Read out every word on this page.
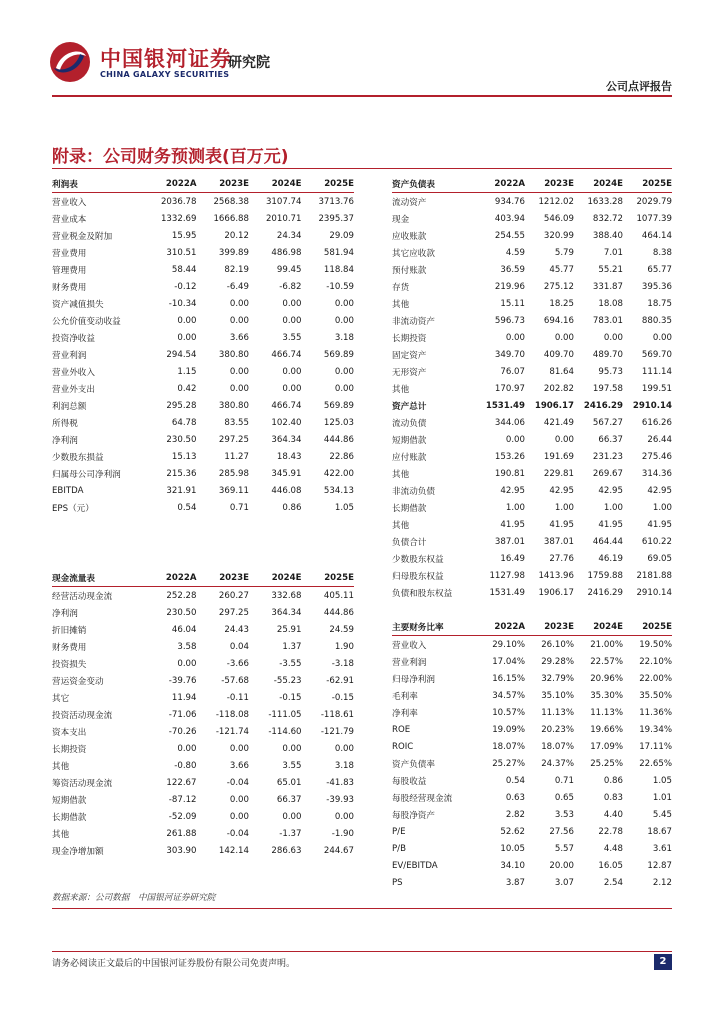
中国银河证券
CHINA GALAXY SECURITIES
研究院
公司点评报告
附录：公司财务预测表(百万元)
利润表	2022A	2023E	2024E	2025E
营业收入	2036.78	2568.38	3107.74	3713.76
营业成本	1332.69	1666.88	2010.71	2395.37
营业税金及附加	15.95	20.12	24.34	29.09
营业费用	310.51	399.89	486.98	581.94
管理费用	58.44	82.19	99.45	118.84
财务费用	-0.12	-6.49	-6.82	-10.59
资产减值损失	-10.34	0.00	0.00	0.00
公允价值变动收益	0.00	0.00	0.00	0.00
投资净收益	0.00	3.66	3.55	3.18
营业利润	294.54	380.80	466.74	569.89
营业外收入	1.15	0.00	0.00	0.00
营业外支出	0.42	0.00	0.00	0.00
利润总额	295.28	380.80	466.74	569.89
所得税	64.78	83.55	102.40	125.03
净利润	230.50	297.25	364.34	444.86
少数股东损益	15.13	11.27	18.43	22.86
归属母公司净利润	215.36	285.98	345.91	422.00
EBITDA	321.91	369.11	446.08	534.13
EPS（元）	0.54	0.71	0.86	1.05
现金流量表	2022A	2023E	2024E	2025E
经营活动现金流	252.28	260.27	332.68	405.11
净利润	230.50	297.25	364.34	444.86
折旧摊销	46.04	24.43	25.91	24.59
财务费用	3.58	0.04	1.37	1.90
投资损失	0.00	-3.66	-3.55	-3.18
营运资金变动	-39.76	-57.68	-55.23	-62.91
其它	11.94	-0.11	-0.15	-0.15
投资活动现金流	-71.06	-118.08	-111.05	-118.61
资本支出	-70.26	-121.74	-114.60	-121.79
长期投资	0.00	0.00	0.00	0.00
其他	-0.80	3.66	3.55	3.18
筹资活动现金流	122.67	-0.04	65.01	-41.83
短期借款	-87.12	0.00	66.37	-39.93
长期借款	-52.09	0.00	0.00	0.00
其他	261.88	-0.04	-1.37	-1.90
现金净增加额	303.90	142.14	286.63	244.67
资产负债表	2022A	2023E	2024E	2025E
流动资产	934.76	1212.02	1633.28	2029.79
现金	403.94	546.09	832.72	1077.39
应收账款	254.55	320.99	388.40	464.14
其它应收款	4.59	5.79	7.01	8.38
预付账款	36.59	45.77	55.21	65.77
存货	219.96	275.12	331.87	395.36
其他	15.11	18.25	18.08	18.75
非流动资产	596.73	694.16	783.01	880.35
长期投资	0.00	0.00	0.00	0.00
固定资产	349.70	409.70	489.70	569.70
无形资产	76.07	81.64	95.73	111.14
其他	170.97	202.82	197.58	199.51
资产总计	1531.49	1906.17	2416.29	2910.14
流动负债	344.06	421.49	567.27	616.26
短期借款	0.00	0.00	66.37	26.44
应付账款	153.26	191.69	231.23	275.46
其他	190.81	229.81	269.67	314.36
非流动负债	42.95	42.95	42.95	42.95
长期借款	1.00	1.00	1.00	1.00
其他	41.95	41.95	41.95	41.95
负债合计	387.01	387.01	464.44	610.22
少数股东权益	16.49	27.76	46.19	69.05
归母股东权益	1127.98	1413.96	1759.88	2181.88
负债和股东权益	1531.49	1906.17	2416.29	2910.14
主要财务比率	2022A	2023E	2024E	2025E
营业收入	29.10%	26.10%	21.00%	19.50%
营业利润	17.04%	29.28%	22.57%	22.10%
归母净利润	16.15%	32.79%	20.96%	22.00%
毛利率	34.57%	35.10%	35.30%	35.50%
净利率	10.57%	11.13%	11.13%	11.36%
ROE	19.09%	20.23%	19.66%	19.34%
ROIC	18.07%	18.07%	17.09%	17.11%
资产负债率	25.27%	24.37%	25.25%	22.65%
每股收益	0.54	0.71	0.86	1.05
每股经营现金流	0.63	0.65	0.83	1.01
每股净资产	2.82	3.53	4.40	5.45
P/E	52.62	27.56	22.78	18.67
P/B	10.05	5.57	4.48	3.61
EV/EBITDA	34.10	20.00	16.05	12.87
PS	3.87	3.07	2.54	2.12
数据来源：公司数据　中国银河证券研究院
请务必阅读正文最后的中国银河证券股份有限公司免责声明。	2
